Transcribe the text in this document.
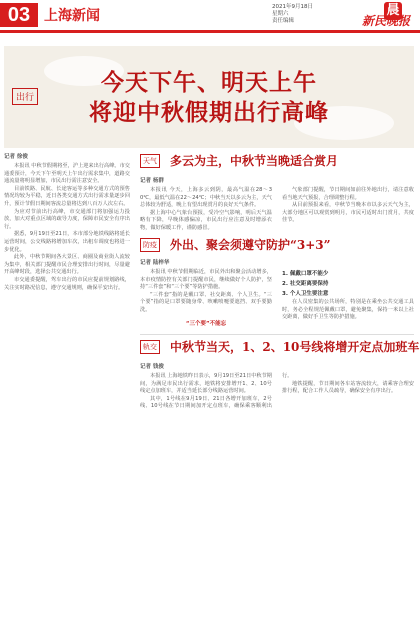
03 上海新闻
2021年9月18日
星期六
责任编辑
晨
新民晚报
出行
今天下午、明天上午
将迎中秋假期出行高峰
记者 徐俊

本报讯 中秋节假期将至，沪上迎来出行高峰。市交通委预计，今天下午至明天上午出行需求集中，道路交通流量将明显增加，市民出行需注意安全。

目前铁路、民航、长途客运等多种交通方式的预售情况均较为平稳，近日各类交通方式出行需求量逐步回升，预计节假日期间客流总量将达到八百万人次左右。

为应对节前出行高峰，市交通部门将加强运力投放，加大对重点区域的疏导力度，保障市民安全有序出行。

据悉，9月19日至21日，本市部分地铁线路将延长运营时间，公交线路将增加车次，出租车调度也将进一步优化。

此外，中秋节期间各大景区、商圈及商业街人流较为集中，相关部门提醒市民合理安排出行时间，尽量避开高峰时段，选择公共交通出行。

市交通委提醒，驾车出行的市民应提前规划路线，关注实时路况信息，遵守交通规则，确保平安出行。

天气 多云为主，中秋节当晚适合赏月
记者 杨群

本报讯 今天，上海多云到阴，最高气温在28～30℃，最低气温在22～24℃；中秋当天以多云为主，天气总体较为舒适，晚上有望出现赏月的良好天气条件。

据上海中心气象台预报，受冷空气影响，明后天气温略有下降，早晚体感偏凉，市民出行应注意及时增添衣物，做好保暖工作，谨防感冒。

气象部门提醒，节日期间如前往外地出行，请注意收看当地天气预报，合理调整行程。

从目前预报来看，中秋节当晚本市以多云天气为主，大部分地区可以观赏到明月，市民可适时出门赏月，共度佳节。

防疫 外出、聚会须遵守防护“3+3”
记者 陆梓华

本报讯 中秋节假期临近，市民外出和聚会活动增多，本市疫情防控有关部门提醒市民，继续做好个人防护，坚持“三件套”和“三个要”等防护措施。

“三件套”指的是戴口罩、社交距离、个人卫生。“三个要”指的是口罩要随身带、咳嗽喷嚏要遮挡、双手要勤洗。

“三个要”不能忘
1. 佩戴口罩不能少
2. 社交距离要保持
3. 个人卫生要注意

在人员密集的公共场所，特别是在乘坐公共交通工具时，务必全程规范佩戴口罩，避免聚集，保持一米以上社交距离，做好手卫生等防护措施。

轨交 中秋节当天，1、2、10号线将增开定点加班车
记者 钱俊

本报讯 上海地铁昨日表示，9月19日至21日中秋节期间，为满足市民出行需求，地铁将安排增开1、2、10号线定点加班车，并适当延长部分线路运营时间。

其中，1号线在9月19日、21日各增开加班车，2号线、10号线在节日期间加开定点班车，确保乘客顺利出行。

地铁提醒，节日期间各车站客流较大，请乘客合理安排行程，配合工作人员疏导，确保安全有序出行。
